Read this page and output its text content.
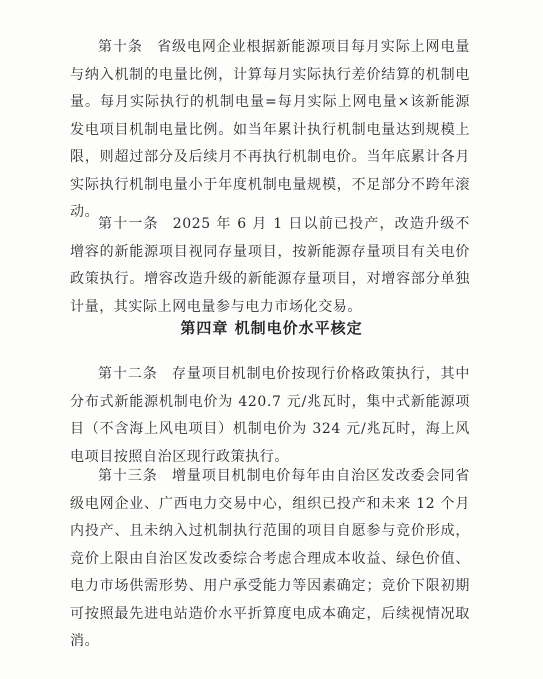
第十条 省级电网企业根据新能源项目每月实际上网电量与纳入机制的电量比例，计算每月实际执行差价结算的机制电量。每月实际执行的机制电量=每月实际上网电量×该新能源发电项目机制电量比例。如当年累计执行机制电量达到规模上限，则超过部分及后续月不再执行机制电价。当年底累计各月实际执行机制电量小于年度机制电量规模，不足部分不跨年滚动。

第十一条 2025 年 6 月 1 日以前已投产，改造升级不增容的新能源项目视同存量项目，按新能源存量项目有关电价政策执行。增容改造升级的新能源存量项目，对增容部分单独计量，其实际上网电量参与电力市场化交易。

第四章 机制电价水平核定

第十二条 存量项目机制电价按现行价格政策执行，其中分布式新能源机制电价为 420.7 元/兆瓦时，集中式新能源项目（不含海上风电项目）机制电价为 324 元/兆瓦时，海上风电项目按照自治区现行政策执行。

第十三条 增量项目机制电价每年由自治区发改委会同省级电网企业、广西电力交易中心，组织已投产和未来 12 个月内投产、且未纳入过机制执行范围的项目自愿参与竞价形成，竞价上限由自治区发改委综合考虑合理成本收益、绿色价值、电力市场供需形势、用户承受能力等因素确定；竞价下限初期可按照最先进电站造价水平折算度电成本确定，后续视情况取消。
